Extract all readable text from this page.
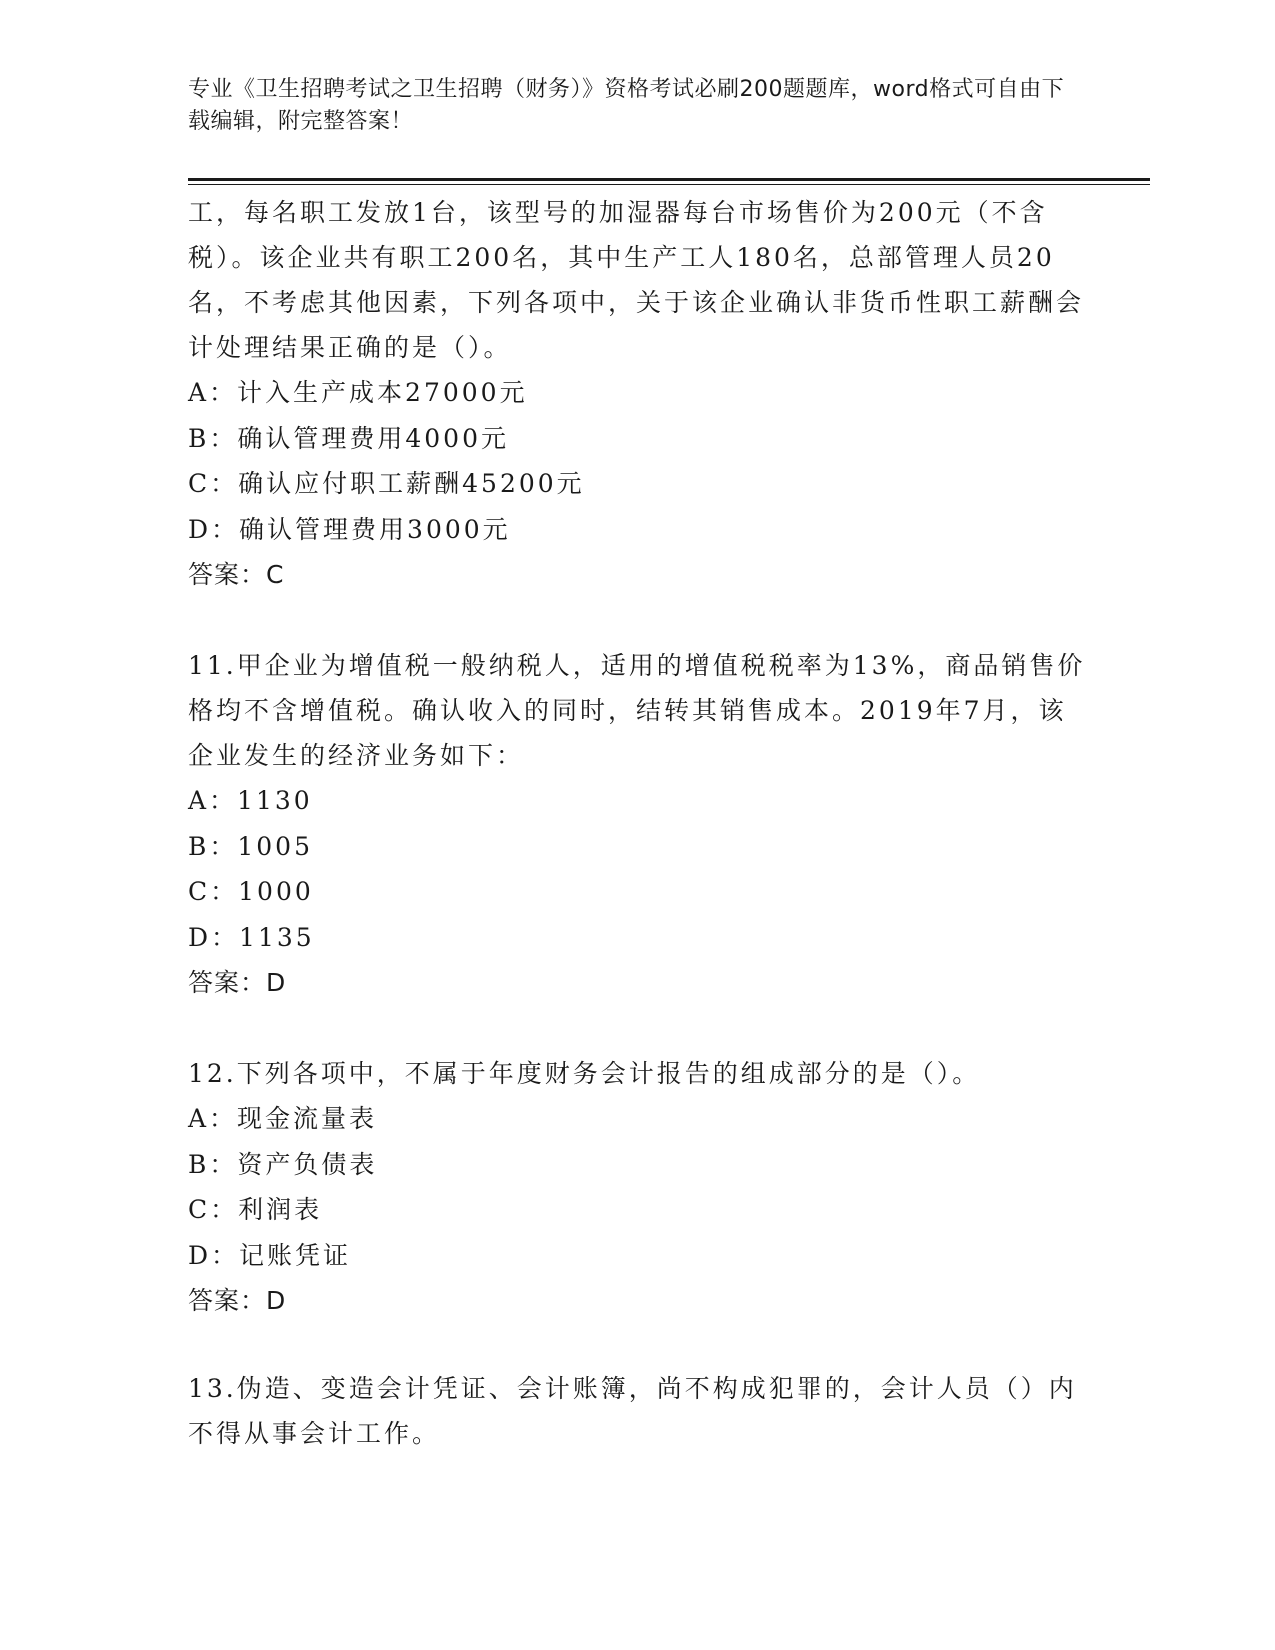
专业《卫生招聘考试之卫生招聘（财务）》资格考试必刷200题题库，word格式可自由下载编辑，附完整答案！

工，每名职工发放1台，该型号的加湿器每台市场售价为200元（不含税）。该企业共有职工200名，其中生产工人180名，总部管理人员20名，不考虑其他因素，下列各项中，关于该企业确认非货币性职工薪酬会计处理结果正确的是（）。

A：计入生产成本27000元

B：确认管理费用4000元

C：确认应付职工薪酬45200元

D：确认管理费用3000元

答案：C

11.甲企业为增值税一般纳税人，适用的增值税税率为13%，商品销售价格均不含增值税。确认收入的同时，结转其销售成本。2019年7月，该企业发生的经济业务如下：

A：1130

B：1005

C：1000

D：1135

答案：D

12.下列各项中，不属于年度财务会计报告的组成部分的是（）。

A：现金流量表

B：资产负债表

C：利润表

D：记账凭证

答案：D

13.伪造、变造会计凭证、会计账簿，尚不构成犯罪的，会计人员（）内不得从事会计工作。
